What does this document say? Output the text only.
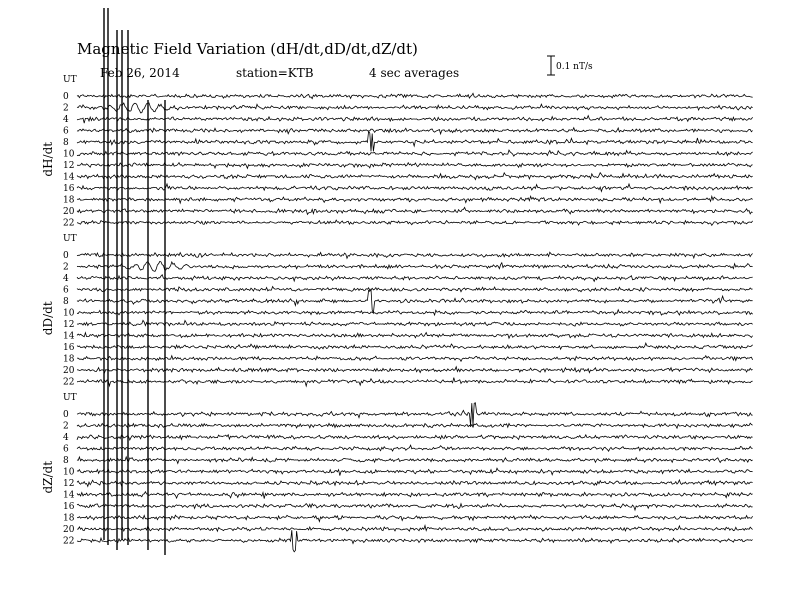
Magnetic Field Variation (dH/dt,dD/dt,dZ/dt)
Feb 26, 2014	station=KTB	4 sec averages	0.1 nT/s
UT
dH/dt
0
2
4
6
8
10
12
14
16
18
20
22
UT
dD/dt
0
2
4
6
8
10
12
14
16
18
20
22
UT
dZ/dt
0
2
4
6
8
10
12
14
16
18
20
22
